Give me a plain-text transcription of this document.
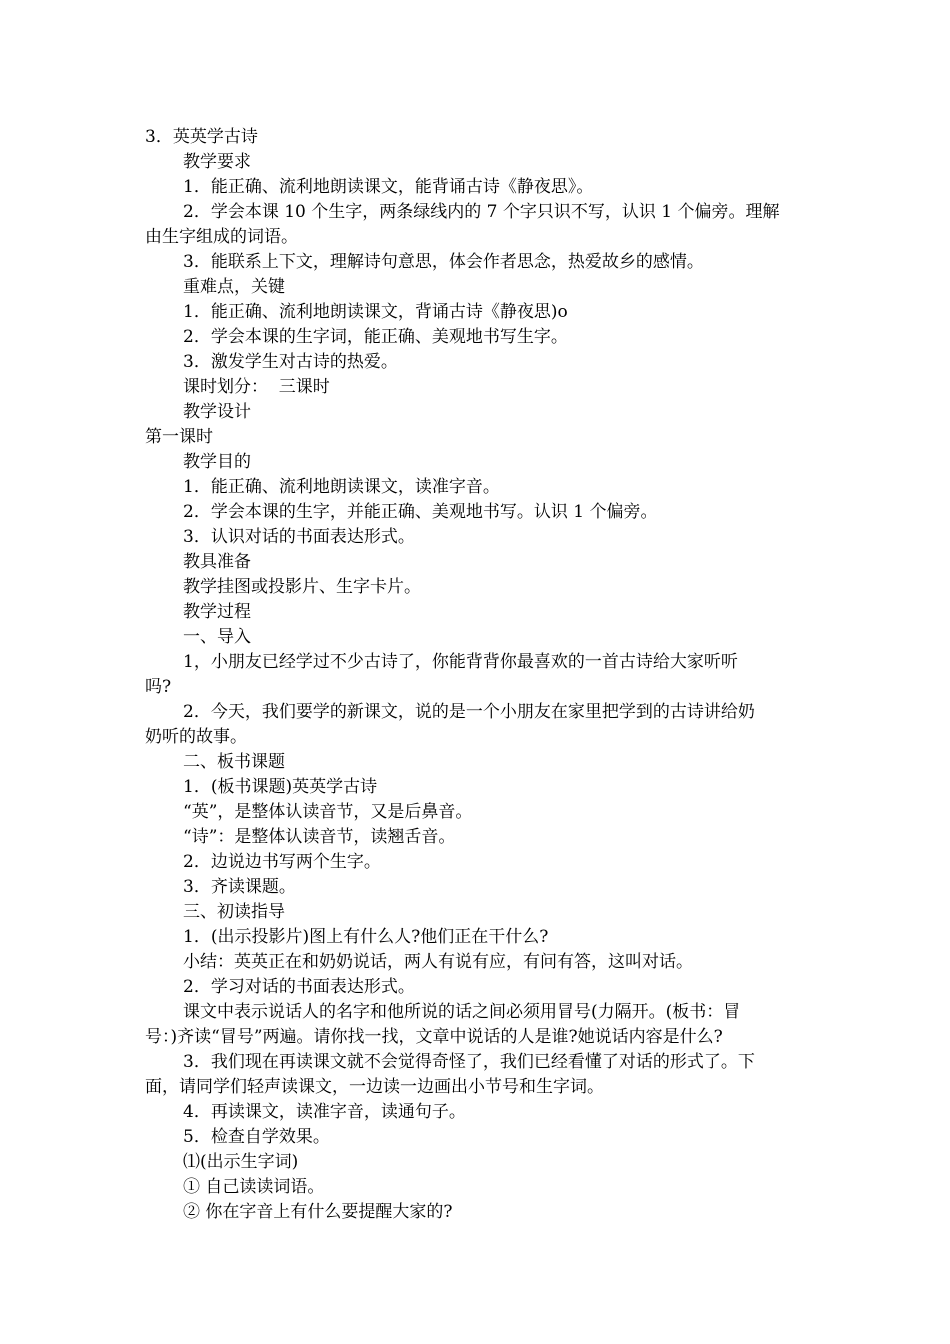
3．英英学古诗
教学要求
1．能正确、流利地朗读课文，能背诵古诗《静夜思》。
2．学会本课 10 个生字，两条绿线内的 7 个字只识不写，认识 1 个偏旁。理解
由生字组成的词语。
3．能联系上下文，理解诗句意思，体会作者思念，热爱故乡的感情。
重难点，关键
1．能正确、流利地朗读课文，背诵古诗《静夜思)o
2．学会本课的生字词，能正确、美观地书写生字。
3．激发学生对古诗的热爱。
课时划分：  三课时
教学设计
第一课时
教学目的
1．能正确、流利地朗读课文，读准字音。
2．学会本课的生字，并能正确、美观地书写。认识 1 个偏旁。
3．认识对话的书面表达形式。
教具准备
教学挂图或投影片、生字卡片。
教学过程
一、导入
1，小朋友已经学过不少古诗了，你能背背你最喜欢的一首古诗给大家听听
吗?
2．今天，我们要学的新课文，说的是一个小朋友在家里把学到的古诗讲给奶
奶听的故事。
二、板书课题
1．(板书课题)英英学古诗
“英”，是整体认读音节，又是后鼻音。
“诗”：是整体认读音节，读翘舌音。
2．边说边书写两个生字。
3．齐读课题。
三、初读指导
1．(出示投影片)图上有什么人?他们正在干什么?
小结：英英正在和奶奶说话，两人有说有应，有问有答，这叫对话。
2．学习对话的书面表达形式。
课文中表示说话人的名字和他所说的话之间必须用冒号(力隔开。(板书：冒
号：)齐读“冒号”两遍。请你找一找，文章中说话的人是谁?她说话内容是什么?
3．我们现在再读课文就不会觉得奇怪了，我们已经看懂了对话的形式了。下
面，请同学们轻声读课文，一边读一边画出小节号和生字词。
4．再读课文，读准字音，读通句子。
5．检查自学效果。
⑴(出示生字词)
① 自己读读词语。
② 你在字音上有什么要提醒大家的?
